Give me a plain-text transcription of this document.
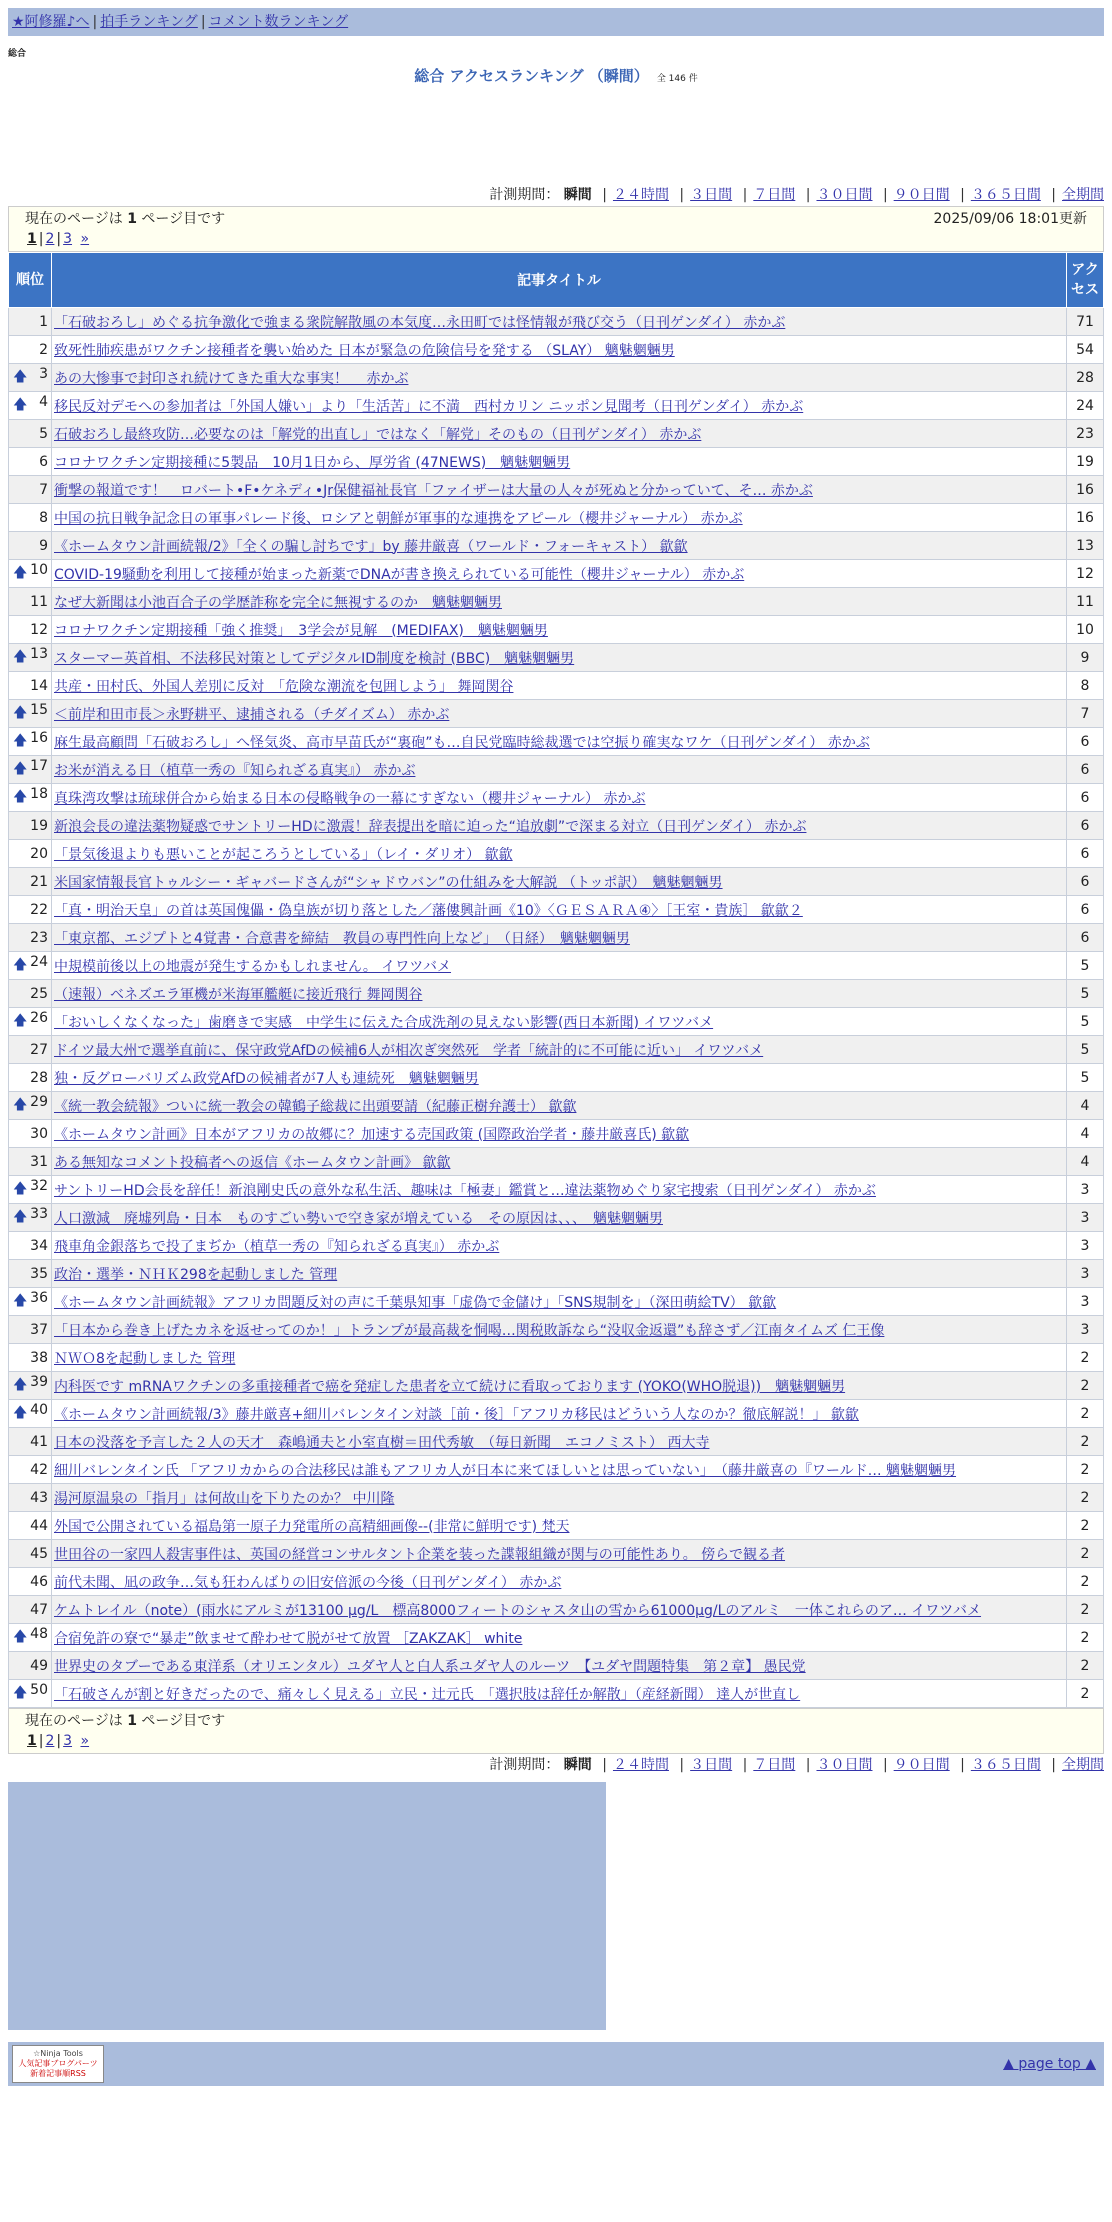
★阿修羅♪へ | 拍手ランキング | コメント数ランキング
総合
総合 アクセスランキング （瞬間） 全 146 件
計測期間： 瞬間 | ２４時間 | ３日間 | ７日間 | ３０日間 | ９０日間 | ３６５日間 | 全期間
現在のページは 1 ページ目です	2025/09/06 18:01更新
1 | 2 | 3 »
順位	記事タイトル	アクセス
1	「石破おろし」めぐる抗争激化で強まる衆院解散風の本気度…永田町では怪情報が飛び交う（日刊ゲンダイ） 赤かぶ	71
2	致死性肺疾患がワクチン接種者を襲い始めた 日本が緊急の危険信号を発する （SLAY） 魑魅魍魎男	54

🡅 3	あの大惨事で封印され続けてきた重大な事実！　 赤かぶ	28

🡅 4	移民反対デモへの参加者は「外国人嫌い」より「生活苦」に不満　西村カリン ニッポン見聞考（日刊ゲンダイ） 赤かぶ	24
5	石破おろし最終攻防…必要なのは「解党的出直し」ではなく「解党」そのもの（日刊ゲンダイ） 赤かぶ	23
6	コロナワクチン定期接種に5製品　10月1日から、厚労省 (47NEWS)　魑魅魍魎男	19
7	衝撃の報道です！　ロバート•F•ケネディ•Jr保健福祉長官「ファイザーは大量の人々が死ぬと分かっていて、そ… 赤かぶ	16
8	中国の抗日戦争記念日の軍事パレード後、ロシアと朝鮮が軍事的な連携をアピール（櫻井ジャーナル） 赤かぶ	16
9	《ホームタウン計画続報/2》「全くの騙し討ちです」by 藤井厳喜（ワールド・フォーキャスト） 歙歙	13

🡅 10	COVID-19騒動を利用して接種が始まった新薬でDNAが書き換えられている可能性（櫻井ジャーナル） 赤かぶ	12
11	なぜ大新聞は小池百合子の学歴詐称を完全に無視するのか　魑魅魍魎男	11
12	コロナワクチン定期接種「強く推奨」　3学会が見解　(MEDIFAX)　魑魅魍魎男	10

🡅 13	スターマー英首相、不法移民対策としてデジタルID制度を検討 (BBC)　魑魅魍魎男	9
14	共産・田村氏、外国人差別に反対　「危険な潮流を包囲しよう」 舞岡関谷	8

🡅 15	＜前岸和田市長＞永野耕平、逮捕される（チダイズム） 赤かぶ	7

🡅 16	麻生最高顧問「石破おろし」へ怪気炎、高市早苗氏が“裏砲”も…自民党臨時総裁選では空振り確実なワケ（日刊ゲンダイ） 赤かぶ	6

🡅 17	お米が消える日（植草一秀の『知られざる真実』） 赤かぶ	6

🡅 18	真珠湾攻撃は琉球併合から始まる日本の侵略戦争の一幕にすぎない（櫻井ジャーナル） 赤かぶ	6
19	新浪会長の違法薬物疑惑でサントリーHDに激震！辞表提出を暗に迫った“追放劇”で深まる対立（日刊ゲンダイ） 赤かぶ	6
20	「景気後退よりも悪いことが起ころうとしている」（レイ・ダリオ） 歙歙	6
21	米国家情報長官トゥルシー・ギャバードさんが“シャドウバン”の仕組みを大解説 （トッポ訳）　魑魅魍魎男	6
22	「真・明治天皇」の首は英国傀儡・偽皇族が切り落とした／藩僂興計画《10》〈ＧＥＳＡＲＡ④〉［王室・貴族］ 歙歙２	6
23	「東京都、エジプトと4覚書・合意書を締結　教員の専門性向上など」　（日経）　魑魅魍魎男	6

🡅 24	中規模前後以上の地震が発生するかもしれません。 イワツバメ	5
25	（速報）ベネズエラ軍機が米海軍艦艇に接近飛行 舞岡関谷	5

🡅 26	「おいしくなくなった」歯磨きで実感　中学生に伝えた合成洗剤の見えない影響(西日本新聞) イワツバメ	5
27	ドイツ最大州で選挙直前に、保守政党AfDの候補6人が相次ぎ突然死　学者「統計的に不可能に近い」 イワツバメ	5
28	独・反グローバリズム政党AfDの候補者が7人も連続死　魑魅魍魎男	5

🡅 29	《統一教会続報》ついに統一教会の韓鶴子総裁に出頭要請（紀藤正樹弁護士） 歙歙	4
30	《ホームタウン計画》日本がアフリカの故郷に？加速する売国政策 (国際政治学者・藤井厳喜氏) 歙歙	4
31	ある無知なコメント投稿者への返信《ホームタウン計画》 歙歙	4

🡅 32	サントリーHD会長を辞任！新浪剛史氏の意外な私生活、趣味は「極妻」鑑賞と…違法薬物めぐり家宅捜索（日刊ゲンダイ） 赤かぶ	3

🡅 33	人口激減　廃墟列島・日本　ものすごい勢いで空き家が増えている　その原因は、、、　魑魅魍魎男	3
34	飛車角金銀落ちで投了まぢか（植草一秀の『知られざる真実』） 赤かぶ	3
35	政治・選挙・ＮＨＫ298を起動しました 管理	3

🡅 36	《ホームタウン計画続報》アフリカ問題反対の声に千葉県知事「虚偽で金儲け」「SNS規制を」（深田萌絵TV） 歙歙	3
37	「日本から巻き上げたカネを返せってのか！」トランプが最高裁を恫喝…関税敗訴なら“没収金返還”も辞さず／江南タイムズ 仁王像	3
38	ＮＷＯ8を起動しました 管理	2

🡅 39	内科医です mRNAワクチンの多重接種者で癌を発症した患者を立て続けに看取っております (YOKO(WHO脱退))　魑魅魍魎男	2

🡅 40	《ホームタウン計画続報/3》藤井厳喜+細川バレンタイン対談［前・後］「アフリカ移民はどういう人なのか？徹底解説！」 歙歙	2
41	日本の没落を予言した２人の天才　森嶋通夫と小室直樹＝田代秀敏　（毎日新聞　エコノミスト） 西大寺	2
42	細川バレンタイン氏 「アフリカからの合法移民は誰もアフリカ人が日本に来てほしいとは思っていない」　（藤井厳喜の『ワールド… 魑魅魍魎男	2
43	湯河原温泉の「指月」は何故山を下りたのか？ 中川隆	2
44	外国で公開されている福島第一原子力発電所の高精細画像--(非常に鮮明です) 梵天	2
45	世田谷の一家四人殺害事件は、英国の経営コンサルタント企業を装った諜報組織が関与の可能性あり。 傍らで観る者	2
46	前代未聞、凪の政争…気も狂わんばりの旧安倍派の今後（日刊ゲンダイ） 赤かぶ	2
47	ケムトレイル（note）(雨水にアルミが13100 μg/L　標高8000フィートのシャスタ山の雪から61000μg/Lのアルミ　一体これらのア… イワツバメ	2

🡅 48	合宿免許の寮で“暴走”飲ませて酔わせて脱がせて放置 ［ZAKZAK］ white	2
49	世界史のタブーである東洋系（オリエンタル）ユダヤ人と白人系ユダヤ人のルーツ　【ユダヤ問題特集　第２章】 愚民党	2

🡅 50	「石破さんが割と好きだったので、痛々しく見える」立民・辻元氏　「選択肢は辞任か解散」（産経新聞） 達人が世直し	2
現在のページは 1 ページ目です
1 | 2 | 3 »
計測期間： 瞬間 | ２４時間 | ３日間 | ７日間 | ３０日間 | ９０日間 | ３６５日間 | 全期間
☆Ninja Tools
人気記事ブログパーツ
新着記事順RSS
▲ page top ▲
